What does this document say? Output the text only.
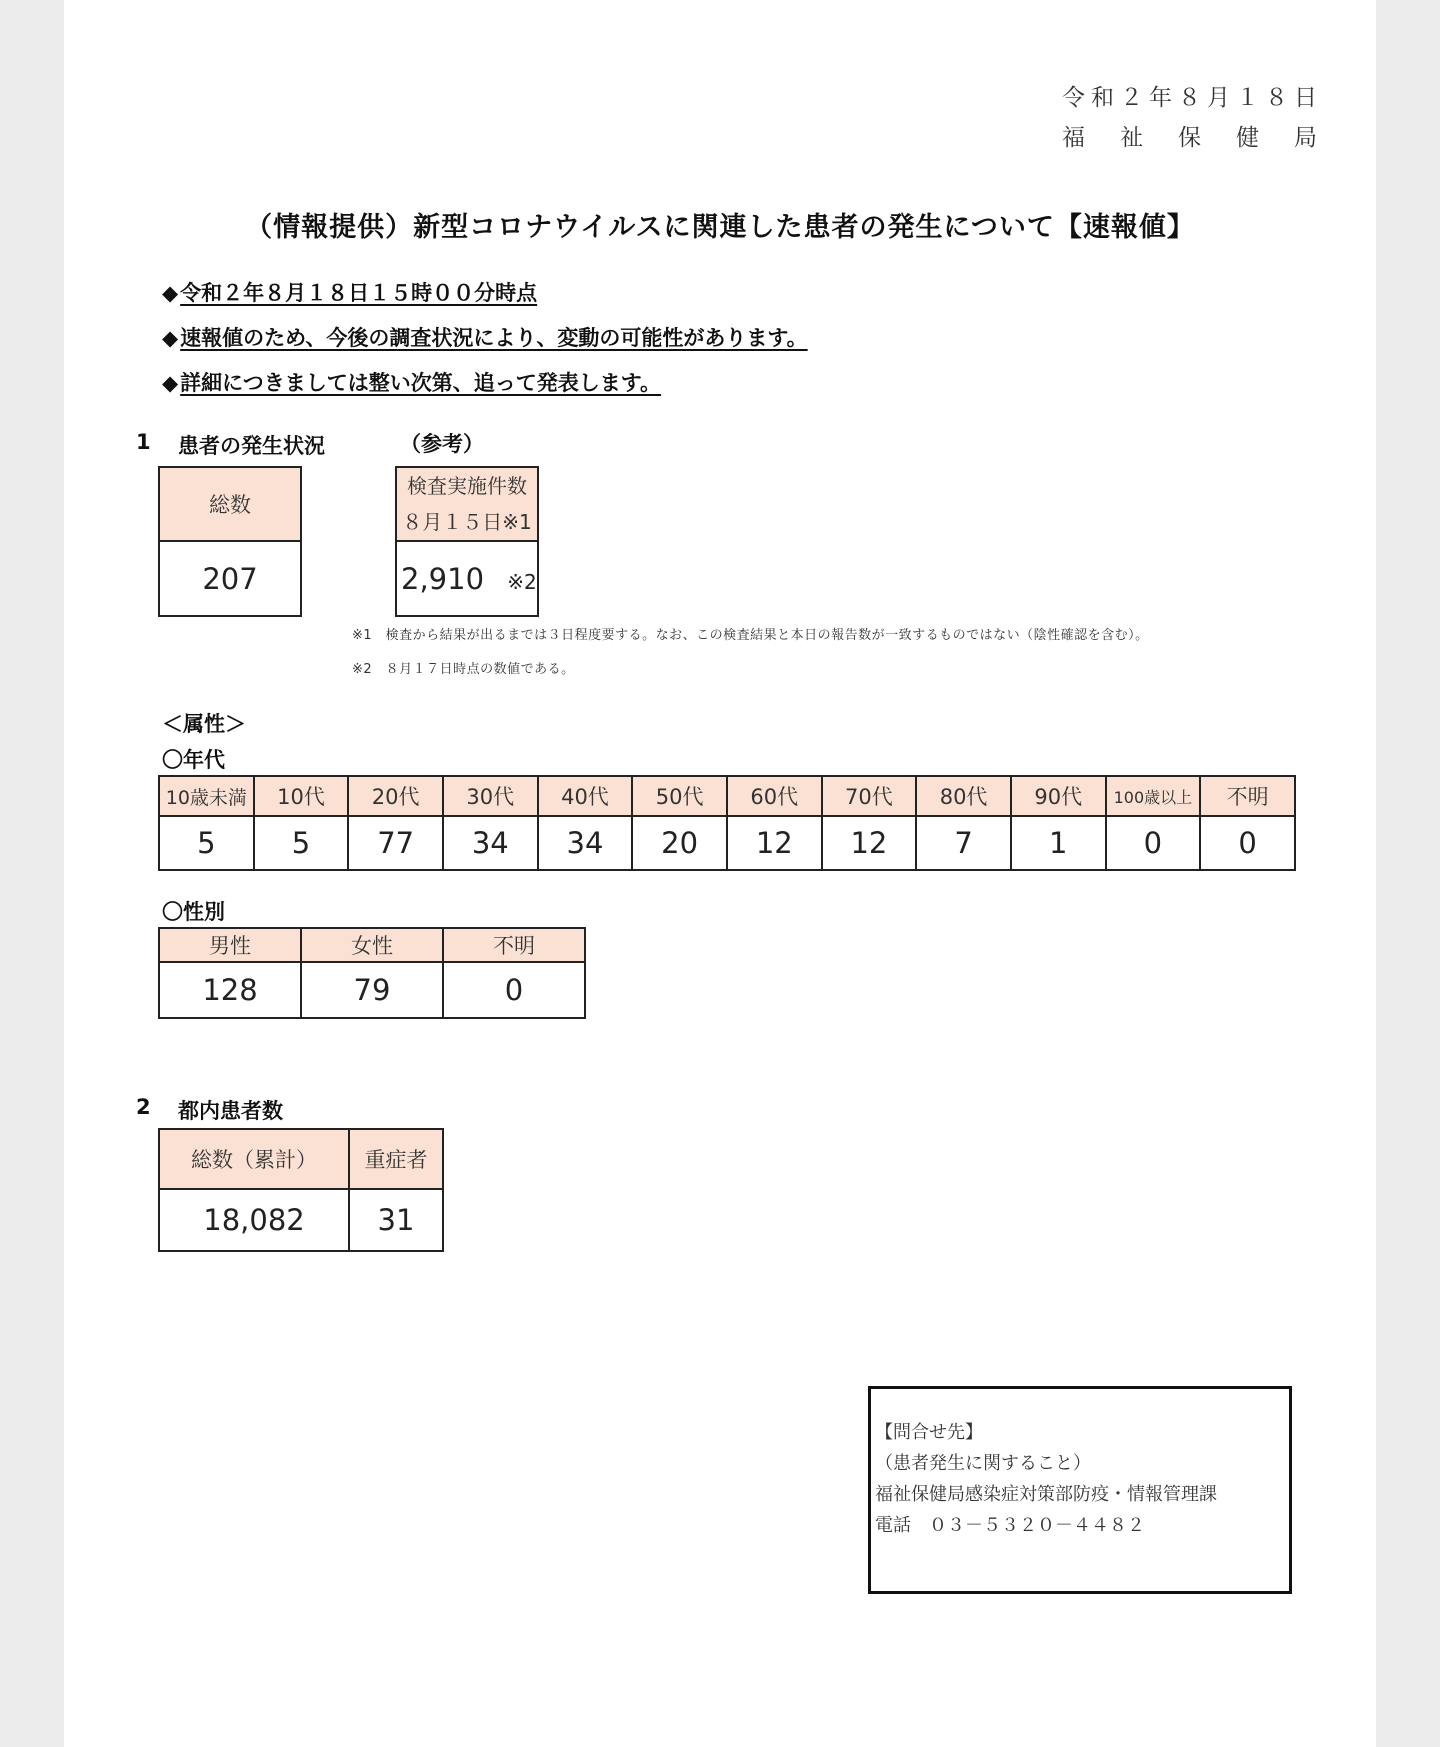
令和２年８月１８日
福　祉　保　健　局
（情報提供）新型コロナウイルスに関連した患者の発生について【速報値】
◆令和２年８月１８日１５時００分時点
◆速報値のため、今後の調査状況により、変動の可能性があります。
◆詳細につきましては整い次第、追って発表します。
1 患者の発生状況	（参考）
総数
207
検査実施件数
８月１５日※1

2,910 ※2
※1　検査から結果が出るまでは３日程度要する。なお、この検査結果と本日の報告数が一致するものではない（陰性確認を含む）。
※2　８月１７日時点の数値である。
＜属性＞
〇年代
10歳未満	10代	20代	30代	40代	50代	60代	70代	80代	90代	100歳以上	不明
5	5	77	34	34	20	12	12	7	1	0	0
〇性別
男性	女性	不明
128	79	0
2 都内患者数
総数（累計）	重症者
18,082	31
【問合せ先】
（患者発生に関すること）
福祉保健局感染症対策部防疫・情報管理課
電話　０３－５３２０－４４８２
